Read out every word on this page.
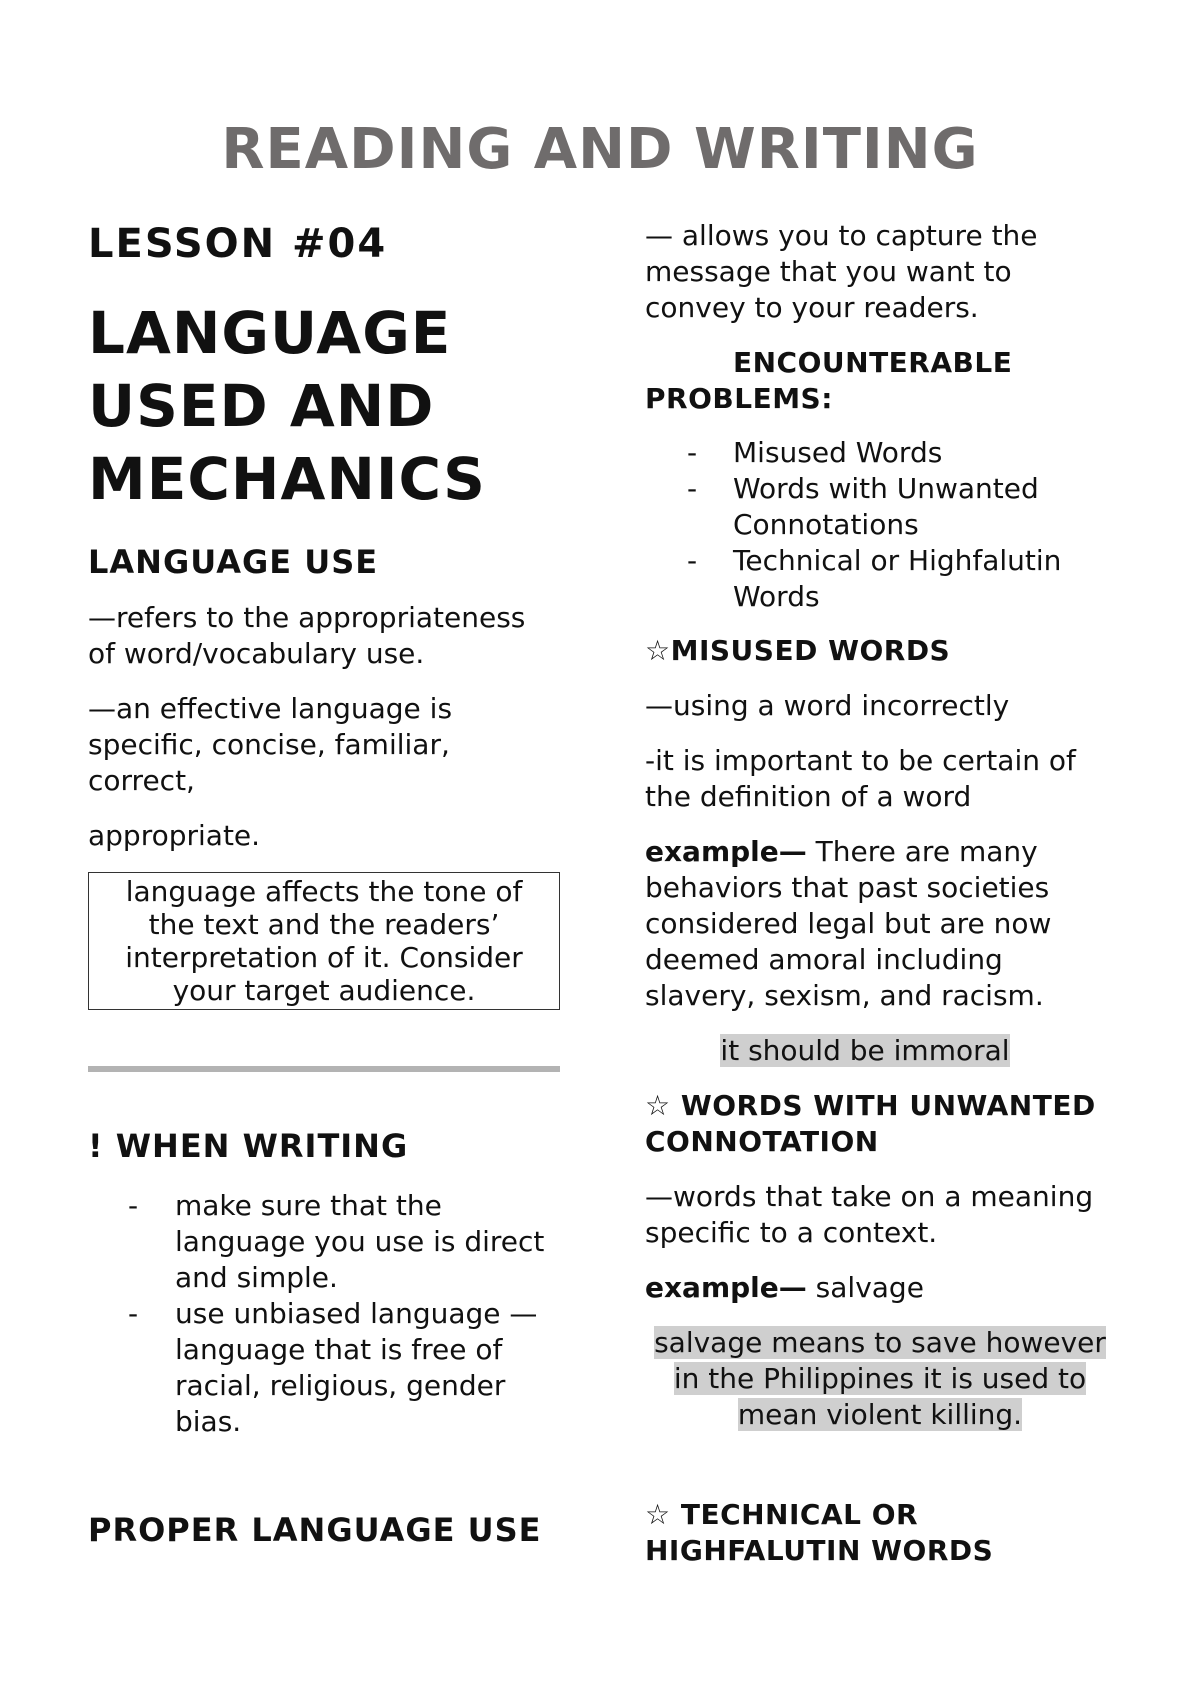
READING AND WRITING
LESSON #04
LANGUAGE
USED AND
MECHANICS
LANGUAGE USE
—refers to the appropriateness
of word/vocabulary use.
—an effective language is
specific, concise, familiar,
correct,
appropriate.
language affects the tone of
the text and the readers’
interpretation of it. Consider
your target audience.
! WHEN WRITING
- make sure that the
language you use is direct
and simple.
- use unbiased language —
language that is free of
racial, religious, gender
bias.
PROPER LANGUAGE USE
— allows you to capture the
message that you want to
convey to your readers.
ENCOUNTERABLE
PROBLEMS:
- Misused Words
- Words with Unwanted
Connotations
- Technical or Highfalutin
Words
☆MISUSED WORDS
—using a word incorrectly
-it is important to be certain of
the definition of a word
example— There are many
behaviors that past societies
considered legal but are now
deemed amoral including
slavery, sexism, and racism.
it should be immoral
☆ WORDS WITH UNWANTED
CONNOTATION
—words that take on a meaning
specific to a context.
example— salvage
salvage means to save however
in the Philippines it is used to
mean violent killing.
☆ TECHNICAL OR
HIGHFALUTIN WORDS
